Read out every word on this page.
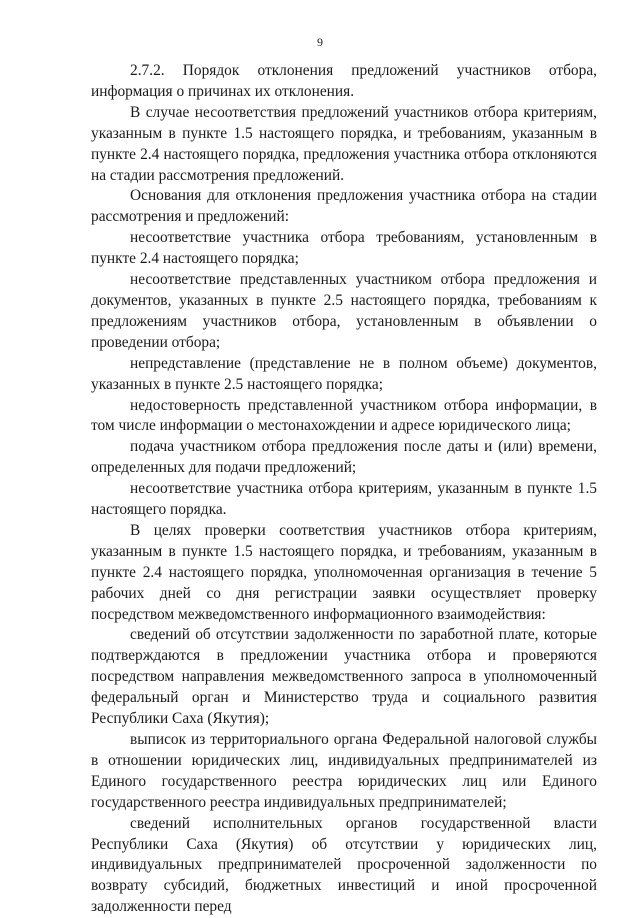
9

2.7.2. Порядок отклонения предложений участников отбора, информация о причинах их отклонения.

В случае несоответствия предложений участников отбора критериям, указанным в пункте 1.5 настоящего порядка, и требованиям, указанным в пункте 2.4 настоящего порядка, предложения участника отбора отклоняются на стадии рассмотрения предложений.

Основания для отклонения предложения участника отбора на стадии рассмотрения и предложений:

несоответствие участника отбора требованиям, установленным в пункте 2.4 настоящего порядка;

несоответствие представленных участником отбора предложения и документов, указанных в пункте 2.5 настоящего порядка, требованиям к предложениям участников отбора, установленным в объявлении о проведении отбора;

непредставление (представление не в полном объеме) документов, указанных в пункте 2.5 настоящего порядка;

недостоверность представленной участником отбора информации, в том числе информации о местонахождении и адресе юридического лица;

подача участником отбора предложения после даты и (или) времени, определенных для подачи предложений;

несоответствие участника отбора критериям, указанным в пункте 1.5 настоящего порядка.

В целях проверки соответствия участников отбора критериям, указанным в пункте 1.5 настоящего порядка, и требованиям, указанным в пункте 2.4 настоящего порядка, уполномоченная организация в течение 5 рабочих дней со дня регистрации заявки осуществляет проверку посредством межведомственного информационного взаимодействия:

сведений об отсутствии задолженности по заработной плате, которые подтверждаются в предложении участника отбора и проверяются посредством направления межведомственного запроса в уполномоченный федеральный орган и Министерство труда и социального развития Республики Саха (Якутия);

выписок из территориального органа Федеральной налоговой службы в отношении юридических лиц, индивидуальных предпринимателей из Единого государственного реестра юридических лиц или Единого государственного реестра индивидуальных предпринимателей;

сведений исполнительных органов государственной власти Республики Саха (Якутия) об отсутствии у юридических лиц, индивидуальных предпринимателей просроченной задолженности по возврату субсидий, бюджетных инвестиций и иной просроченной задолженности перед
